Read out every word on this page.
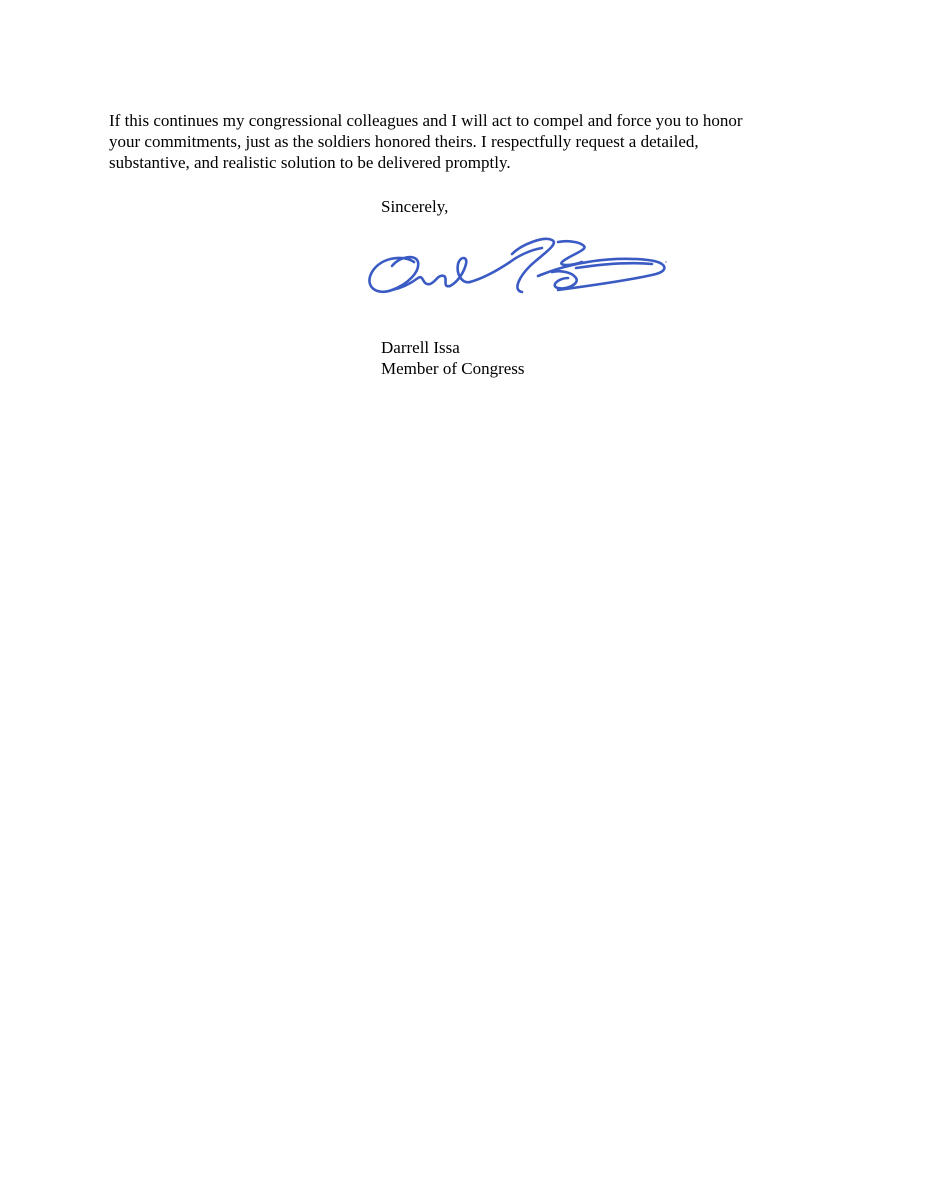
If this continues my congressional colleagues and I will act to compel and force you to honor
your commitments, just as the soldiers honored theirs. I respectfully request a detailed,
substantive, and realistic solution to be delivered promptly.
Sincerely,
Darrell Issa
Member of Congress
